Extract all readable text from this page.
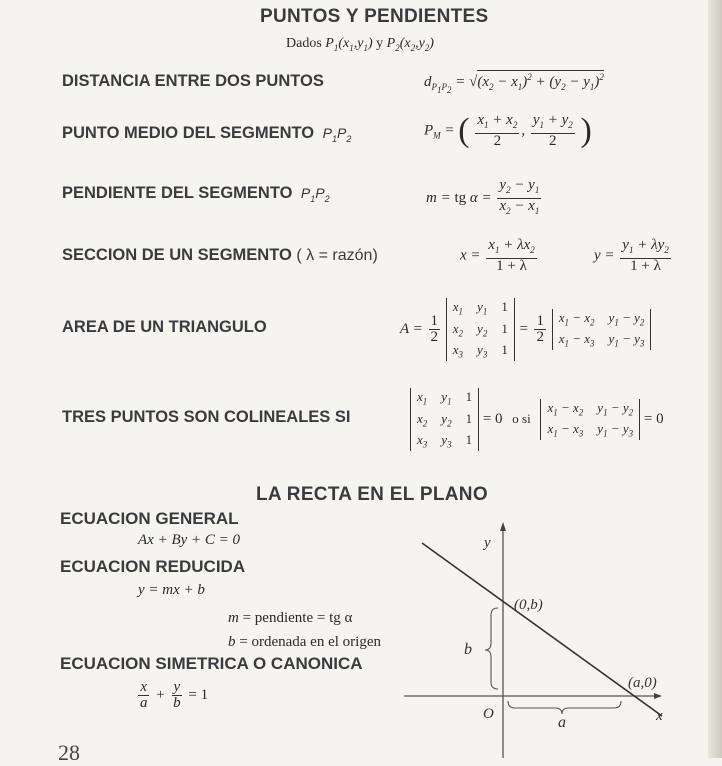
PUNTOS Y PENDIENTES
Dados $P_1(x_1,y_1)$ y $P_2(x_2,y_2)$
DISTANCIA ENTRE DOS PUNTOS	$d_{P_1P_2} = √(x_2 - x_1)^2 + (y_2 - y_1)^2$
PUNTO MEDIO DEL SEGMENTO  $P_1P_2$
$P_M$ = ( $\frac{x_1 + x_2}{2}$ , $\frac{y_1 + y_2}{2}$ )
PENDIENTE DEL SEGMENTO  $P_1P_2$	m = tg $\alpha = \frac{y_2 - y_1}{x_2 - x_1}$
SECCION DE UN SEGMENTO ( λ = razón)	$x = \frac{x_1 + \lambda x_2}{1 + \lambda}$	$y = \frac{y_1 + \lambda y_2}{1 + \lambda}$
AREA DE UN TRIANGULO	$A = \frac{1}{2}$

$x_1$ $y_1$ 1
$x_2$ $y_2$ 1
$x_3$ $y_3$ 1
= $\frac{1}{2}$
$x_1 - x_2$ $y_1 - y_2$
$x_1 - x_3$ $y_1 - y_3$
TRES PUNTOS SON COLINEALES SI
$x_1$ $y_1$ 1
$x_2$ $y_2$ 1
$x_3$ $y_3$ 1
= 0 o si
$x_1 - x_2$ $y_1 - y_2$
$x_1 - x_3$ $y_1 - y_3$
= 0
LA RECTA EN EL PLANO
ECUACION GENERAL
Ax + By + C = 0
ECUACION REDUCIDA
y = mx + b
m = pendiente = tg α
b = ordenada en el origen
ECUACION SIMETRICA O CANONICA
$\frac{x}{a} + \frac{y}{b} = 1$
y
x
O
(0,b)
(a,0)
b
a
28
